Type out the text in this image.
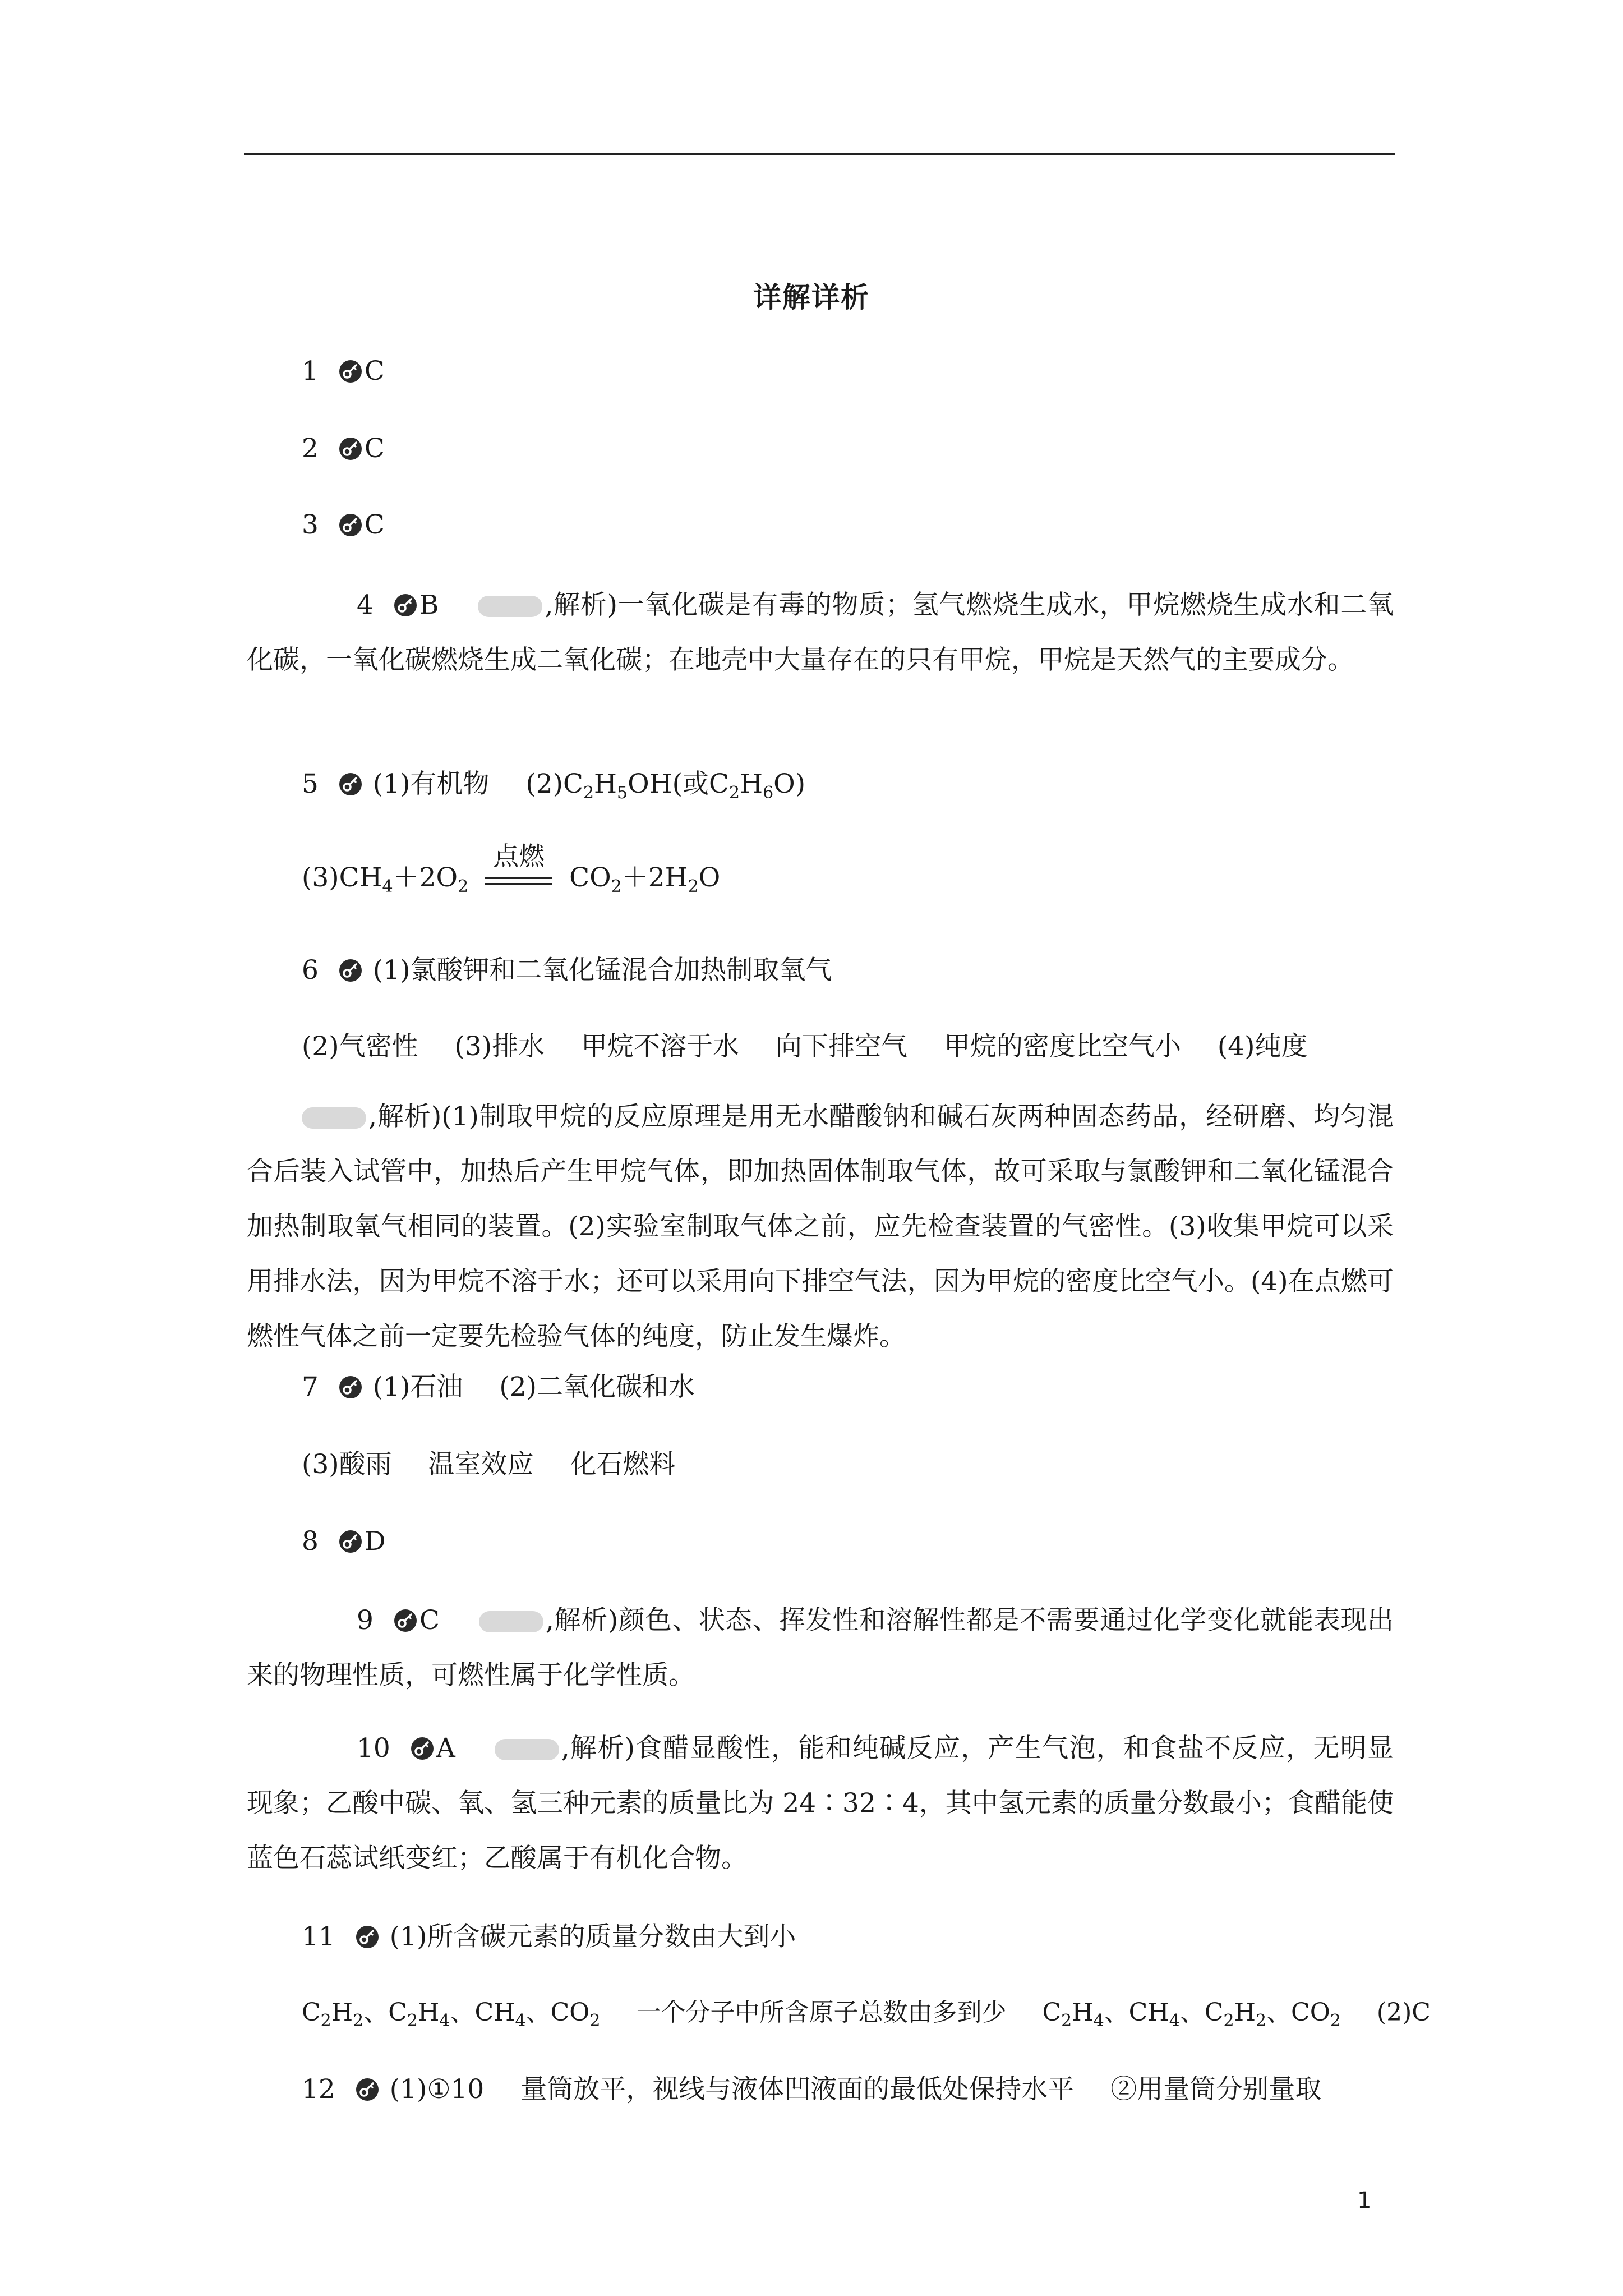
详解详析
1 C
2 C
3 C
4 B	,解析)一氧化碳是有毒的物质；氢气燃烧生成水，甲烷燃烧生成水和二氧化碳，一氧化碳燃烧生成二氧化碳；在地壳中大量存在的只有甲烷，甲烷是天然气的主要成分。
5 (1)有机物 $(2)C_2H_5OH$(或$C_2H_6O$)
$(3)CH_4+2O_2$
点燃
$CO_2+2H_2O$
6 (1)氯酸钾和二氧化锰混合加热制取氧气
(2)气密性 (3)排水 甲烷不溶于水 向下排空气 甲烷的密度比空气小 (4)纯度
,解析)(1)制取甲烷的反应原理是用无水醋酸钠和碱石灰两种固态药品，经研磨、均匀混合后装入试管中，加热后产生甲烷气体，即加热固体制取气体，故可采取与氯酸钾和二氧化锰混合加热制取氧气相同的装置。(2)实验室制取气体之前，应先检查装置的气密性。(3)收集甲烷可以采用排水法，因为甲烷不溶于水；还可以采用向下排空气法，因为甲烷的密度比空气小。(4)在点燃可燃性气体之前一定要先检验气体的纯度，防止发生爆炸。
7 (1)石油 (2)二氧化碳和水
(3)酸雨 温室效应 化石燃料
8 D
9 C	,解析)颜色、状态、挥发性和溶解性都是不需要通过化学变化就能表现出来的物理性质，可燃性属于化学性质。
10 A	,解析)食醋显酸性，能和纯碱反应，产生气泡，和食盐不反应，无明显现象；乙酸中碳、氧、氢三种元素的质量比为 24∶32∶4，其中氢元素的质量分数最小；食醋能使蓝色石蕊试纸变红；乙酸属于有机化合物。
11 (1)所含碳元素的质量分数由大到小
$C_2H_2$、$C_2H_4$、$CH_4$、$CO_2$ 一个分子中所含原子总数由多到少 $C_2H_4$、$CH_4$、$C_2H_2$、$CO_2$ (2)C
12 (1)①10 量筒放平，视线与液体凹液面的最低处保持水平 ②用量筒分别量取
1
